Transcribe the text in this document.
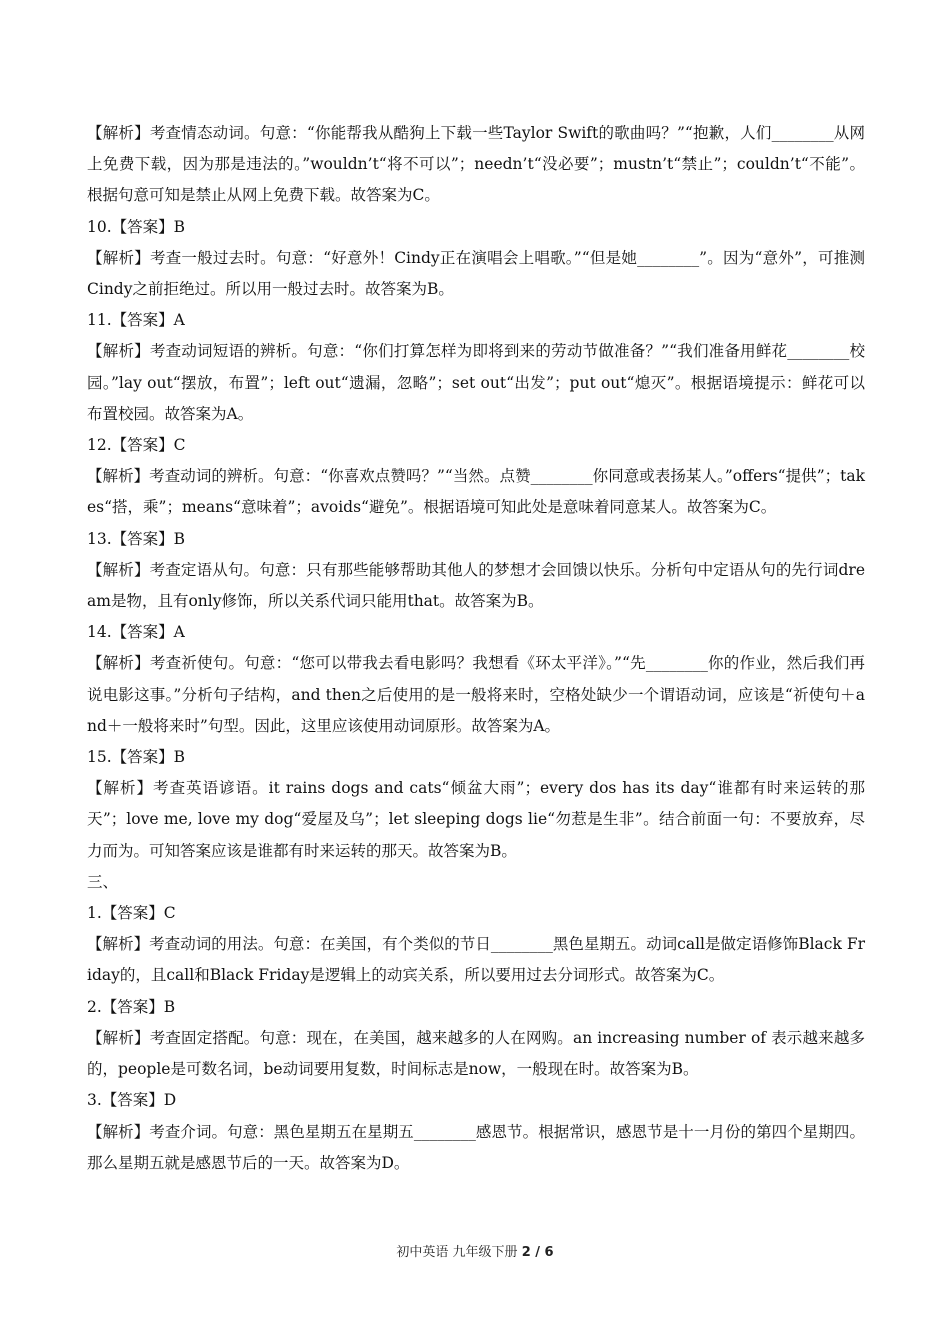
【解析】考查情态动词。句意：“你能帮我从酷狗上下载一些Taylor Swift的歌曲吗？”“抱歉，人们________从网上免费下载，因为那是违法的。”wouldn’t“将不可以”；needn’t“没必要”；mustn’t“禁止”；couldn’t“不能”。根据句意可知是禁止从网上免费下载。故答案为C。

10.【答案】B

【解析】考查一般过去时。句意：“好意外！Cindy正在演唱会上唱歌。”“但是她________”。因为“意外”，可推测Cindy之前拒绝过。所以用一般过去时。故答案为B。

11.【答案】A

【解析】考查动词短语的辨析。句意：“你们打算怎样为即将到来的劳动节做准备？”“我们准备用鲜花________校园。”lay out“摆放，布置”；left out“遗漏，忽略”；set out“出发”；put out“熄灭”。根据语境提示：鲜花可以布置校园。故答案为A。

12.【答案】C

【解析】考查动词的辨析。句意：“你喜欢点赞吗？”“当然。点赞________你同意或表扬某人。”offers“提供”；takes“搭，乘”；means“意味着”；avoids“避免”。根据语境可知此处是意味着同意某人。故答案为C。

13.【答案】B

【解析】考查定语从句。句意：只有那些能够帮助其他人的梦想才会回馈以快乐。分析句中定语从句的先行词dream是物，且有only修饰，所以关系代词只能用that。故答案为B。

14.【答案】A

【解析】考查祈使句。句意：“您可以带我去看电影吗？我想看《环太平洋》。”“先________你的作业，然后我们再说电影这事。”分析句子结构，and then之后使用的是一般将来时，空格处缺少一个谓语动词，应该是“祈使句＋and＋一般将来时”句型。因此，这里应该使用动词原形。故答案为A。

15.【答案】B

【解析】考查英语谚语。it rains dogs and cats“倾盆大雨”；every dos has its day“谁都有时来运转的那天”；love me, love my dog“爱屋及乌”；let sleeping dogs lie“勿惹是生非”。结合前面一句：不要放弃，尽力而为。可知答案应该是谁都有时来运转的那天。故答案为B。

三、

1.【答案】C

【解析】考查动词的用法。句意：在美国，有个类似的节日________黑色星期五。动词call是做定语修饰Black Friday的，且call和Black Friday是逻辑上的动宾关系，所以要用过去分词形式。故答案为C。

2.【答案】B

【解析】考查固定搭配。句意：现在，在美国，越来越多的人在网购。an increasing number of 表示越来越多的，people是可数名词，be动词要用复数，时间标志是now，一般现在时。故答案为B。

3.【答案】D

【解析】考查介词。句意：黑色星期五在星期五________感恩节。根据常识，感恩节是十一月份的第四个星期四。那么星期五就是感恩节后的一天。故答案为D。

初中英语 九年级下册 2 / 6
